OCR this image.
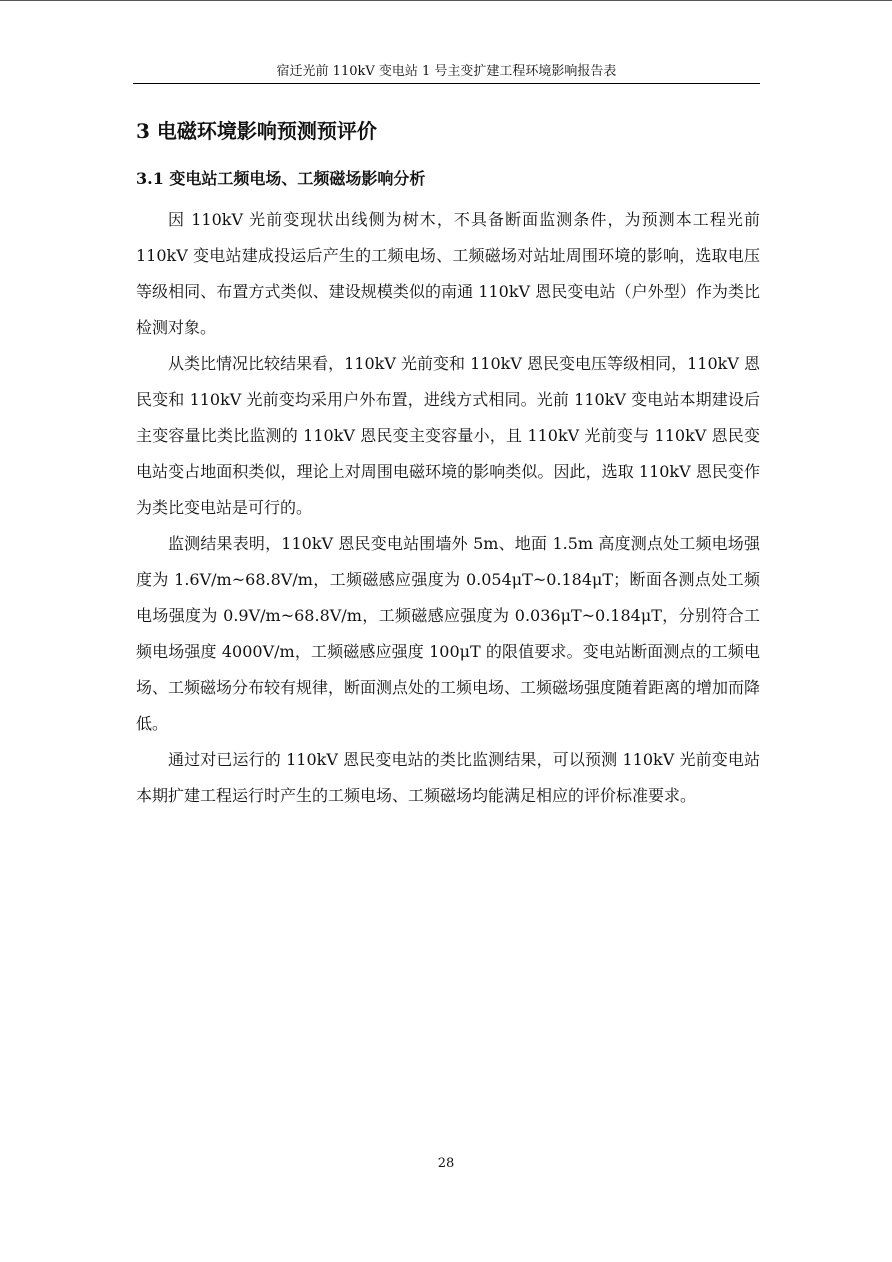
宿迁光前 110kV 变电站 1 号主变扩建工程环境影响报告表
3 电磁环境影响预测预评价
3.1 变电站工频电场、工频磁场影响分析

因 110kV 光前变现状出线侧为树木，不具备断面监测条件，为预测本工程光前 110kV 变电站建成投运后产生的工频电场、工频磁场对站址周围环境的影响，选取电压等级相同、布置方式类似、建设规模类似的南通 110kV 恩民变电站（户外型）作为类比检测对象。

从类比情况比较结果看，110kV 光前变和 110kV 恩民变电压等级相同，110kV 恩民变和 110kV 光前变均采用户外布置，进线方式相同。光前 110kV 变电站本期建设后主变容量比类比监测的 110kV 恩民变主变容量小，且 110kV 光前变与 110kV 恩民变电站变占地面积类似，理论上对周围电磁环境的影响类似。因此，选取 110kV 恩民变作为类比变电站是可行的。

监测结果表明，110kV 恩民变电站围墙外 5m、地面 1.5m 高度测点处工频电场强度为 1.6V/m~68.8V/m，工频磁感应强度为 0.054μT~0.184μT；断面各测点处工频电场强度为 0.9V/m~68.8V/m，工频磁感应强度为 0.036μT~0.184μT，分别符合工频电场强度 4000V/m，工频磁感应强度 100μT 的限值要求。变电站断面测点的工频电场、工频磁场分布较有规律，断面测点处的工频电场、工频磁场强度随着距离的增加而降低。

通过对已运行的 110kV 恩民变电站的类比监测结果，可以预测 110kV 光前变电站本期扩建工程运行时产生的工频电场、工频磁场均能满足相应的评价标准要求。

28
